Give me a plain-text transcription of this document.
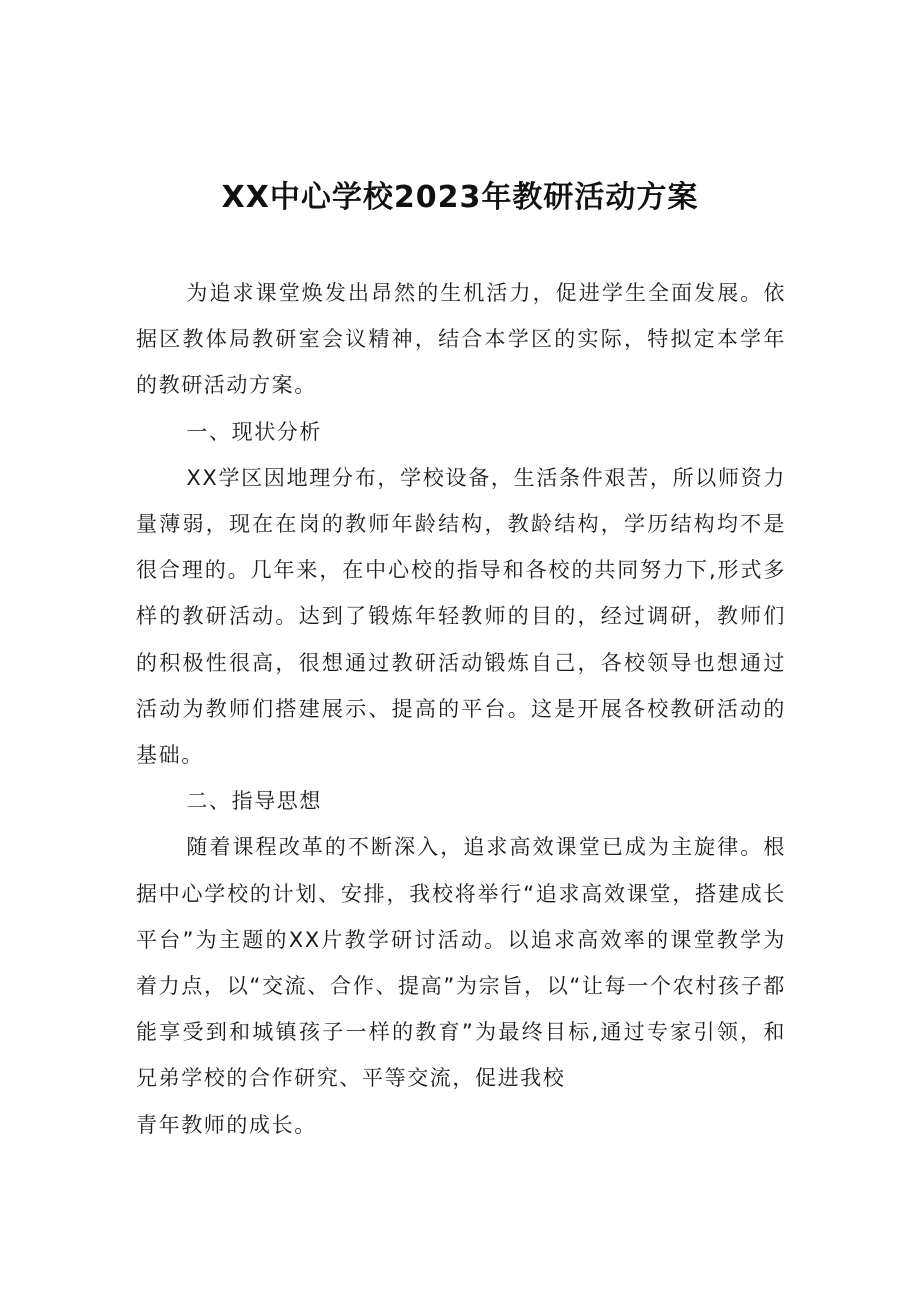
XX中心学校2023年教研活动方案

为追求课堂焕发出昂然的生机活力，促进学生全面发展。依据区教体局教研室会议精神，结合本学区的实际，特拟定本学年的教研活动方案。

一、现状分析

XX学区因地理分布，学校设备，生活条件艰苦，所以师资力量薄弱，现在在岗的教师年龄结构，教龄结构，学历结构均不是很合理的。几年来，在中心校的指导和各校的共同努力下,形式多样的教研活动。达到了锻炼年轻教师的目的，经过调研，教师们的积极性很高，很想通过教研活动锻炼自己，各校领导也想通过活动为教师们搭建展示、提高的平台。这是开展各校教研活动的基础。

二、指导思想

随着课程改革的不断深入，追求高效课堂已成为主旋律。根据中心学校的计划、安排，我校将举行“追求高效课堂，搭建成长平台”为主题的XX片教学研讨活动。以追求高效率的课堂教学为着力点，以“交流、合作、提高”为宗旨，以“让每一个农村孩子都能享受到和城镇孩子一样的教育”为最终目标,通过专家引领，和兄弟学校的合作研究、平等交流，促进我校

青年教师的成长。
